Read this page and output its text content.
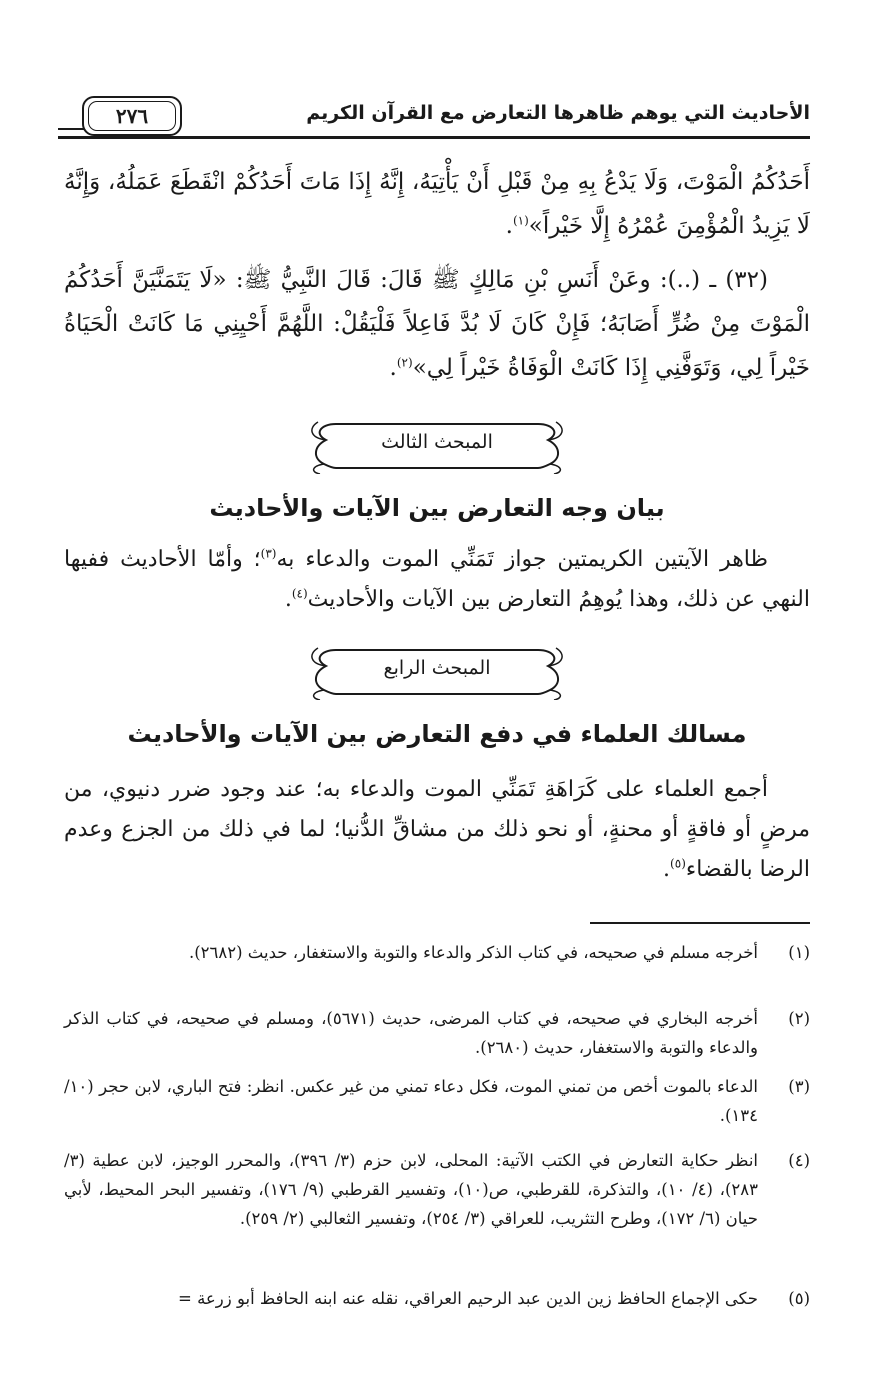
الأحاديث التي يوهم ظاهرها التعارض مع القرآن الكريم
٢٧٦

أَحَدُكُمُ الْمَوْتَ، وَلَا يَدْعُ بِهِ مِنْ قَبْلِ أَنْ يَأْتِيَهُ، إِنَّهُ إِذَا مَاتَ أَحَدُكُمْ انْقَطَعَ عَمَلُهُ، وَإِنَّهُ لَا يَزِيدُ الْمُؤْمِنَ عُمْرُهُ إِلَّا خَيْراً»$^{(١)}$.

(٣٢) ـ (..): وعَنْ أَنَسِ بْنِ مَالِكٍ ﷺ قَالَ: قَالَ النَّبِيُّ ﷺ: «لَا يَتَمَنَّيَنَّ أَحَدُكُمُ الْمَوْتَ مِنْ ضُرٍّ أَصَابَهُ؛ فَإِنْ كَانَ لَا بُدَّ فَاعِلاً فَلْيَقُلْ: اللَّهُمَّ أَحْيِنِي مَا كَانَتْ الْحَيَاةُ خَيْراً لِي، وَتَوَفَّنِي إِذَا كَانَتْ الْوَفَاةُ خَيْراً لِي»$^{(٢)}$.

المبحث الثالث
بيان وجه التعارض بين الآيات والأحاديث

ظاهر الآيتين الكريمتين جواز تَمَنِّي الموت والدعاء به$^{(٣)}$؛ وأمّا الأحاديث ففيها النهي عن ذلك، وهذا يُوهِمُ التعارض بين الآيات والأحاديث$^{(٤)}$.

المبحث الرابع
مسالك العلماء في دفع التعارض بين الآيات والأحاديث

أجمع العلماء على كَرَاهَةِ تَمَنِّي الموت والدعاء به؛ عند وجود ضرر دنيوي، من مرضٍ أو فاقةٍ أو محنةٍ، أو نحو ذلك من مشاقِّ الدُّنيا؛ لما في ذلك من الجزع وعدم الرضا بالقضاء$^{(٥)}$.

(١)
أخرجه مسلم في صحيحه، في كتاب الذكر والدعاء والتوبة والاستغفار، حديث (٢٦٨٢).
(٢)
أخرجه البخاري في صحيحه، في كتاب المرضى، حديث (٥٦٧١)، ومسلم في صحيحه، في كتاب الذكر والدعاء والتوبة والاستغفار، حديث (٢٦٨٠).
(٣)
الدعاء بالموت أخص من تمني الموت، فكل دعاء تمني من غير عكس. انظر: فتح الباري، لابن حجر (١٠/ ١٣٤).
(٤)
انظر حكاية التعارض في الكتب الآتية: المحلى، لابن حزم (٣/ ٣٩٦)، والمحرر الوجيز، لابن عطية (٣/ ٢٨٣)، (٤/ ١٠)، والتذكرة، للقرطبي، ص(١٠)، وتفسير القرطبي (٩/ ١٧٦)، وتفسير البحر المحيط، لأبي حيان (٦/ ١٧٢)، وطرح التثريب، للعراقي (٣/ ٢٥٤)، وتفسير الثعالبي (٢/ ٢٥٩).
(٥)
حكى الإجماع الحافظ زين الدين عبد الرحيم العراقي، نقله عنه ابنه الحافظ أبو زرعة =
